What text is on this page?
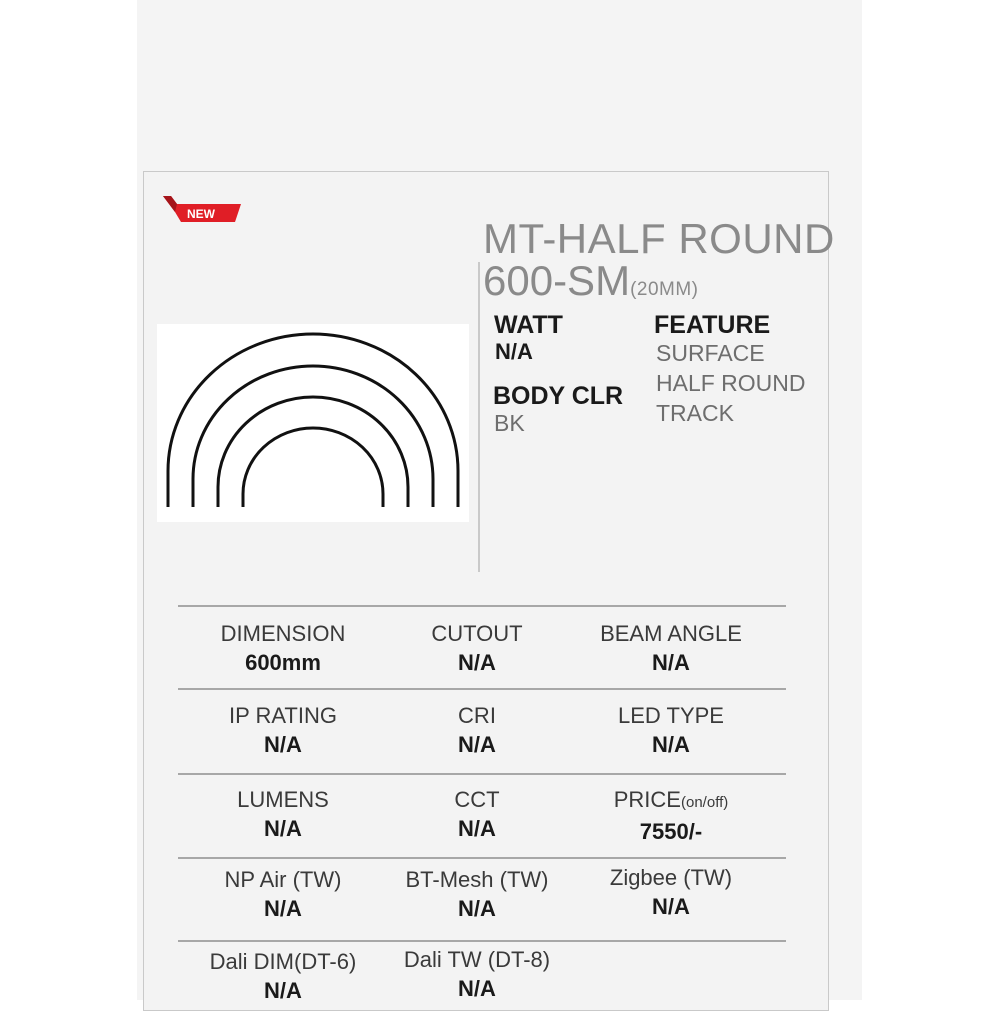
NEW
MT-HALF ROUND
600-SM(20MM)
WATT
N/A
BODY CLR
BK
FEATURE
SURFACE
HALF ROUND
TRACK
DIMENSION
600mm
CUTOUT
N/A
BEAM ANGLE
N/A
IP RATING
N/A
CRI
N/A
LED TYPE
N/A
LUMENS
N/A
CCT
N/A
PRICE(on/off)
7550/-
NP Air (TW)
N/A
BT-Mesh (TW)
N/A
Zigbee (TW)
N/A
Dali DIM(DT-6)
N/A
Dali TW (DT-8)
N/A
